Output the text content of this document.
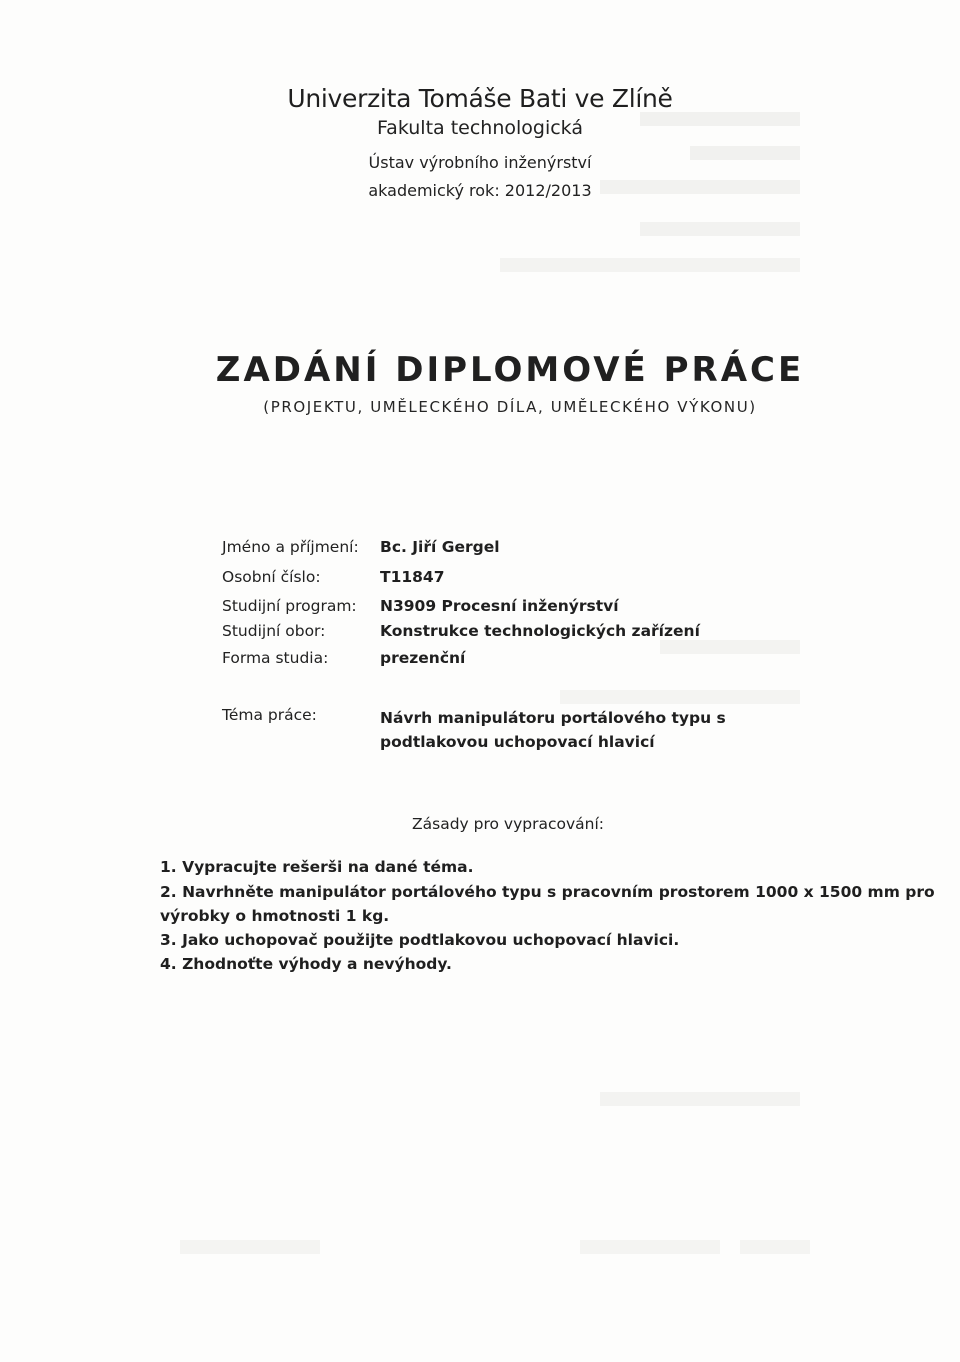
Univerzita Tomáše Bati ve Zlíně
Fakulta technologická
Ústav výrobního inženýrství
akademický rok: 2012/2013
ZADÁNÍ DIPLOMOVÉ PRÁCE
(PROJEKTU, UMĚLECKÉHO DÍLA, UMĚLECKÉHO VÝKONU)
Jméno a příjmení: Bc. Jiří Gergel
Osobní číslo:	T11847
Studijní program: N3909 Procesní inženýrství
Studijní obor:	Konstrukce technologických zařízení
Forma studia:	prezenční
Téma práce:	Návrh manipulátoru portálového typu s podtlakovou uchopovací hlavicí
Zásady pro vypracování:
1. Vypracujte rešerši na dané téma.
2. Navrhněte manipulátor portálového typu s pracovním prostorem 1000 x 1500 mm pro
výrobky o hmotnosti 1 kg.
3. Jako uchopovač použijte podtlakovou uchopovací hlavici.
4. Zhodnoťte výhody a nevýhody.
